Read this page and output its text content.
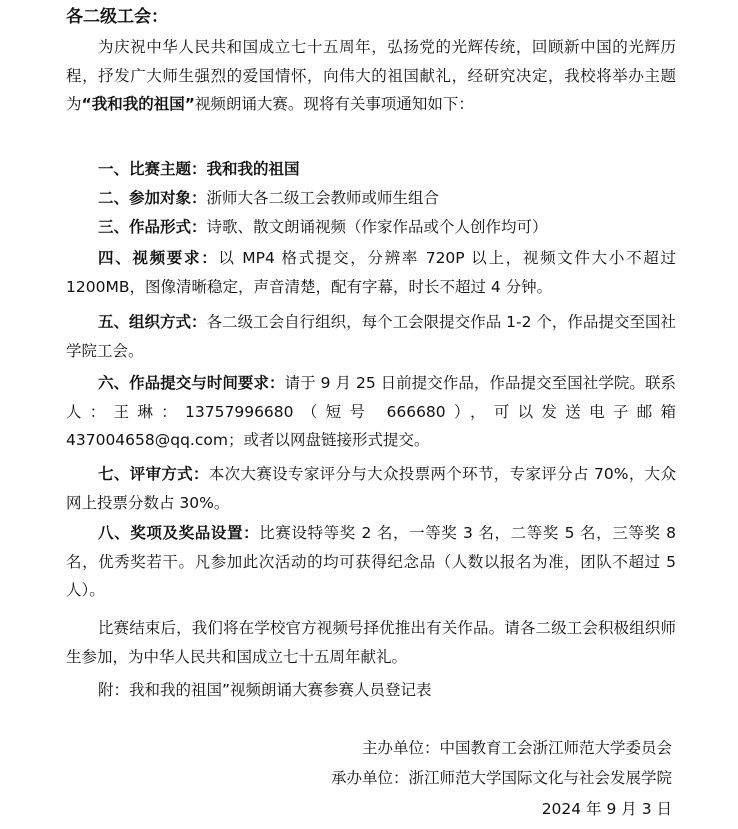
各二级工会：

为庆祝中华人民共和国成立七十五周年，弘扬党的光辉传统，回顾新中国的光辉历程，抒发广大师生强烈的爱国情怀，向伟大的祖国献礼，经研究决定，我校将举办主题为“我和我的祖国”视频朗诵大赛。现将有关事项通知如下：

一、比赛主题：我和我的祖国

二、参加对象：浙师大各二级工会教师或师生组合

三、作品形式：诗歌、散文朗诵视频（作家作品或个人创作均可）

四、视频要求：以 MP4 格式提交，分辨率 720P 以上，视频文件大小不超过 1200MB，图像清晰稳定，声音清楚，配有字幕，时长不超过 4 分钟。

五、组织方式：各二级工会自行组织，每个工会限提交作品 1-2 个，作品提交至国社学院工会。

六、作品提交与时间要求：请于 9 月 25 日前提交作品，作品提交至国社学院。联系人：王琳：13757996680（短号 666680），可以发送电子邮箱 437004658@qq.com；或者以网盘链接形式提交。

七、评审方式：本次大赛设专家评分与大众投票两个环节，专家评分占 70%，大众网上投票分数占 30%。

八、奖项及奖品设置：比赛设特等奖 2 名，一等奖 3 名，二等奖 5 名，三等奖 8 名，优秀奖若干。凡参加此次活动的均可获得纪念品（人数以报名为准，团队不超过 5 人）。

比赛结束后，我们将在学校官方视频号择优推出有关作品。请各二级工会积极组织师生参加，为中华人民共和国成立七十五周年献礼。

附：我和我的祖国”视频朗诵大赛参赛人员登记表

主办单位：中国教育工会浙江师范大学委员会
承办单位：浙江师范大学国际文化与社会发展学院
2024 年 9 月 3 日
